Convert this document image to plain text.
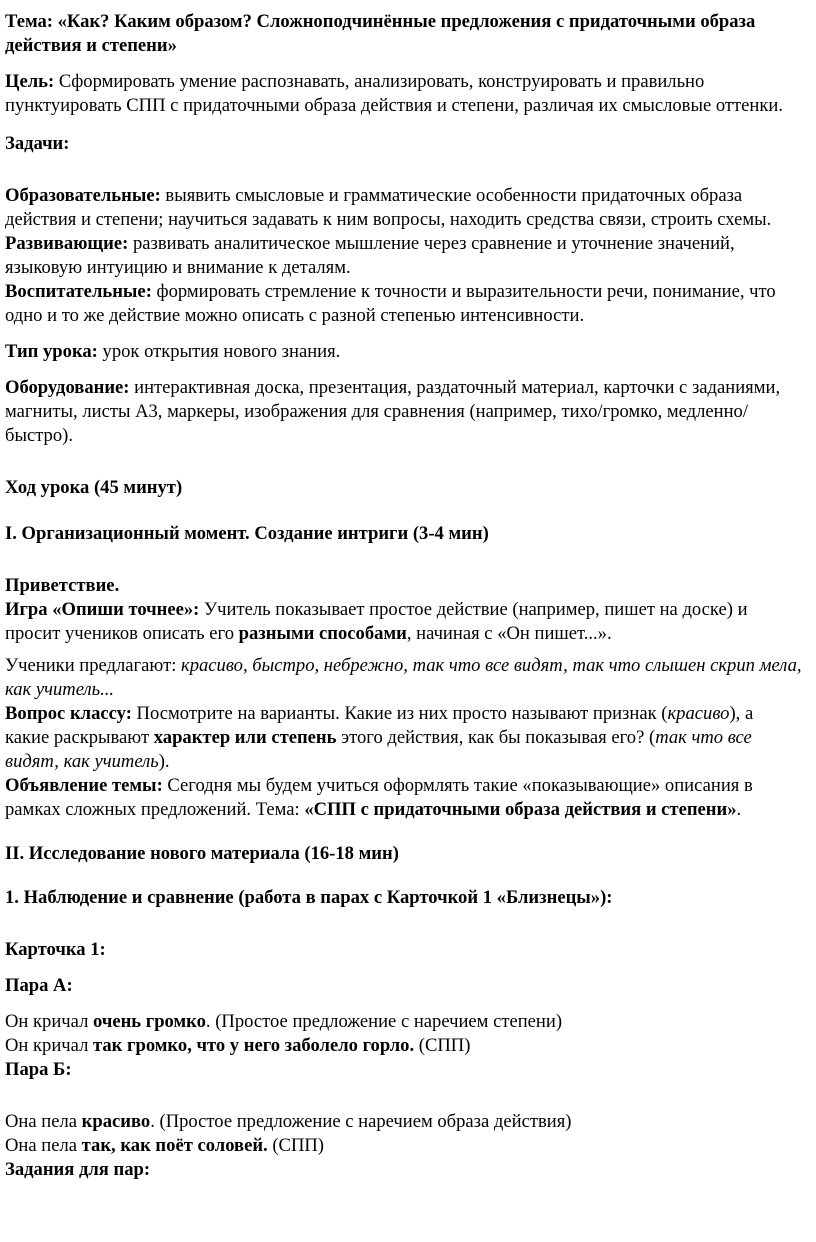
Тема: «Как? Каким образом? Сложноподчинённые предложения с придаточными образа действия и степени»

Цель: Сформировать умение распознавать, анализировать, конструировать и правильно пунктуировать СПП с придаточными образа действия и степени, различая их смысловые оттенки.

Задачи:

Образовательные: выявить смысловые и грамматические особенности придаточных образа действия и степени; научиться задавать к ним вопросы, находить средства связи, строить схемы.

Развивающие: развивать аналитическое мышление через сравнение и уточнение значений, языковую интуицию и внимание к деталям.

Воспитательные: формировать стремление к точности и выразительности речи, понимание, что одно и то же действие можно описать с разной степенью интенсивности.

Тип урока: урок открытия нового знания.

Оборудование: интерактивная доска, презентация, раздаточный материал, карточки с заданиями, магниты, листы А3, маркеры, изображения для сравнения (например, тихо/громко, медленно/быстро).

Ход урока (45 минут)

I. Организационный момент. Создание интриги (3-4 мин)

Приветствие.

Игра «Опиши точнее»: Учитель показывает простое действие (например, пишет на доске) и просит учеников описать его разными способами, начиная с «Он пишет...».

Ученики предлагают: красиво, быстро, небрежно, так что все видят, так что слышен скрип мела, как учитель...

Вопрос классу: Посмотрите на варианты. Какие из них просто называют признак (красиво), а какие раскрывают характер или степень этого действия, как бы показывая его? (так что все видят, как учитель).

Объявление темы: Сегодня мы будем учиться оформлять такие «показывающие» описания в рамках сложных предложений. Тема: «СПП с придаточными образа действия и степени».

II. Исследование нового материала (16-18 мин)

1. Наблюдение и сравнение (работа в парах с Карточкой 1 «Близнецы»):

Карточка 1:

Пара А:

Он кричал очень громко. (Простое предложение с наречием степени)

Он кричал так громко, что у него заболело горло. (СПП)

Пара Б:

Она пела красиво. (Простое предложение с наречием образа действия)

Она пела так, как поёт соловей. (СПП)

Задания для пар:
